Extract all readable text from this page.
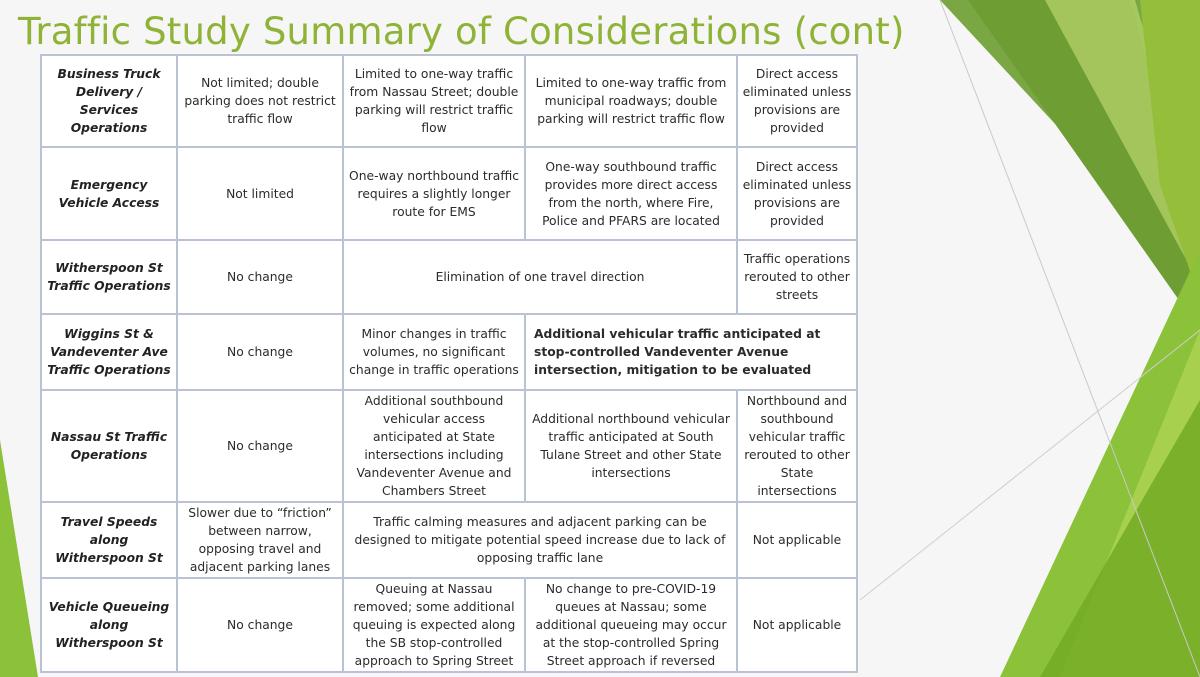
Traffic Study Summary of Considerations (cont)
Business Truck Delivery / Services Operations	Not limited; double parking does not restrict traffic flow	Limited to one-way traffic from Nassau Street; double parking will restrict traffic flow	Limited to one-way traffic from municipal roadways; double parking will restrict traffic flow	Direct access eliminated unless provisions are provided
Emergency Vehicle Access	Not limited	One-way northbound traffic requires a slightly longer route for EMS	One-way southbound traffic provides more direct access from the north, where Fire, Police and PFARS are located	Direct access eliminated unless provisions are provided
Witherspoon St Traffic Operations	No change	Elimination of one travel direction		Traffic operations rerouted to other streets
Wiggins St & Vandeventer Ave Traffic Operations	No change	Minor changes in traffic volumes, no significant change in traffic operations	Additional vehicular traffic anticipated at stop-controlled Vandeventer Avenue intersection, mitigation to be evaluated	
Nassau St Traffic Operations	No change	Additional southbound vehicular access anticipated at State intersections including Vandeventer Avenue and Chambers Street	Additional northbound vehicular traffic anticipated at South Tulane Street and other State intersections	Northbound and southbound vehicular traffic rerouted to other State intersections
Travel Speeds along Witherspoon St	Slower due to “friction” between narrow, opposing travel and adjacent parking lanes	Traffic calming measures and adjacent parking can be designed to mitigate potential speed increase due to lack of opposing traffic lane		Not applicable
Vehicle Queueing along Witherspoon St	No change	Queuing at Nassau removed; some additional queuing is expected along the SB stop-controlled approach to Spring Street	No change to pre-COVID-19 queues at Nassau; some additional queueing may occur at the stop-controlled Spring Street approach if reversed	Not applicable
